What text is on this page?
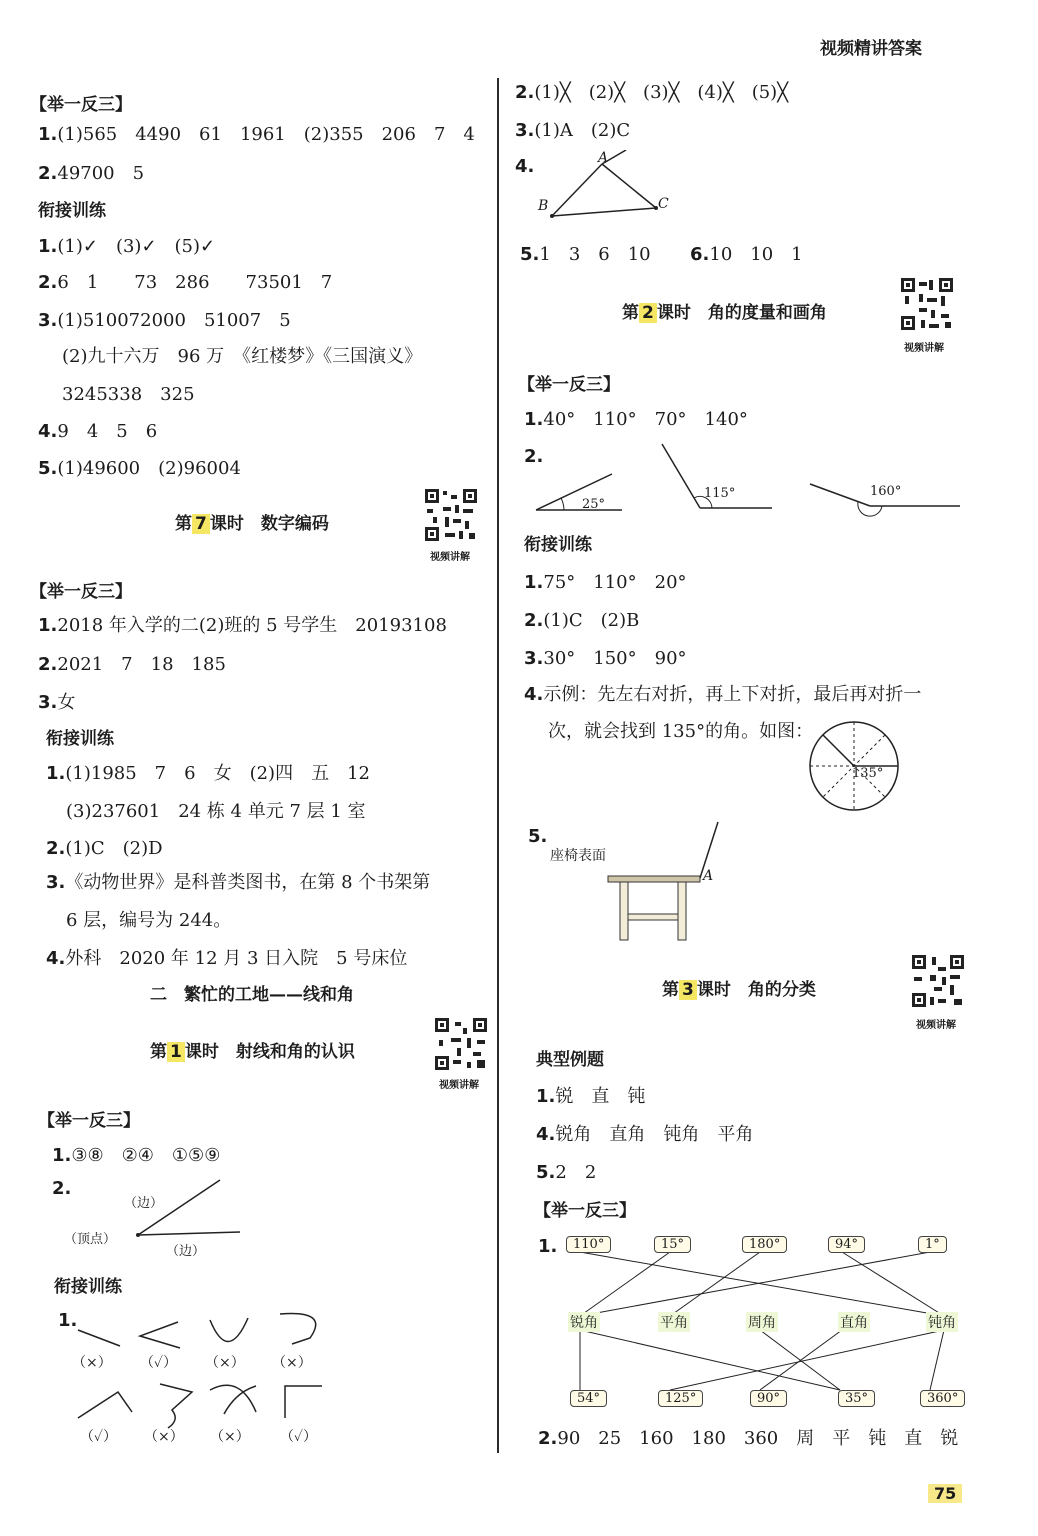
视频精讲答案
【举一反三】
1.(1)565　4490　61　1961　(2)355　206　7　4
2.49700　5
衔接训练
1.(1)✓　(3)✓　(5)✓
2.6　1　　73　286　　73501　7
3.(1)510072000　51007　5
(2)九十六万　96 万　《红楼梦》《三国演义》
3245338　325
4.9　4　5　6
5.(1)49600　(2)96004
第 7 课时　数字编码
视频讲解
【举一反三】
1.2018 年入学的二(2)班的 5 号学生　20193108
2.2021　7　18　185
3.女
衔接训练
1.(1)1985　7　6　女　(2)四　五　12
(3)237601　24 栋 4 单元 7 层 1 室
2.(1)C　(2)D
3.《动物世界》是科普类图书，在第 8 个书架第
6 层，编号为 244。
4.外科　2020 年 12 月 3 日入院　5 号床位
二　繁忙的工地——线和角
第 1 课时　射线和角的认识
视频讲解
【举一反三】
1.③⑧　②④　①⑤⑨
2.
（边）
（顶点）
（边）
衔接训练
1.
（×） （✓） （×） （×）
（✓） （×） （×） （✓）
2.(1)╳　(2)╳　(3)╳　(4)╳　(5)╳
3.(1)A　(2)C
4.	A
B	C
5.1　3　6　10 6.10　10　1
第 2 课时　角的度量和画角
视频讲解
【举一反三】
1.40°　110°　70°　140°
2.
25°
115°	160°
衔接训练
1.75°　110°　20°
2.(1)C　(2)B
3.30°　150°　90°
4.示例：先左右对折，再上下对折，最后再对折一
次，就会找到 135°的角。如图：
135°
5.
座椅表面
A
第 3 课时　角的分类
视频讲解
典型例题
1.锐　直　钝
4.锐角　直角　钝角　平角
5.2　2
【举一反三】
1.	110°	15°	180°	94°	1°
锐角	平角	周角	直角	钝角
54°	125°	90°	35°	360°
2.90　25　160　180　360　周　平　钝　直　锐
75
